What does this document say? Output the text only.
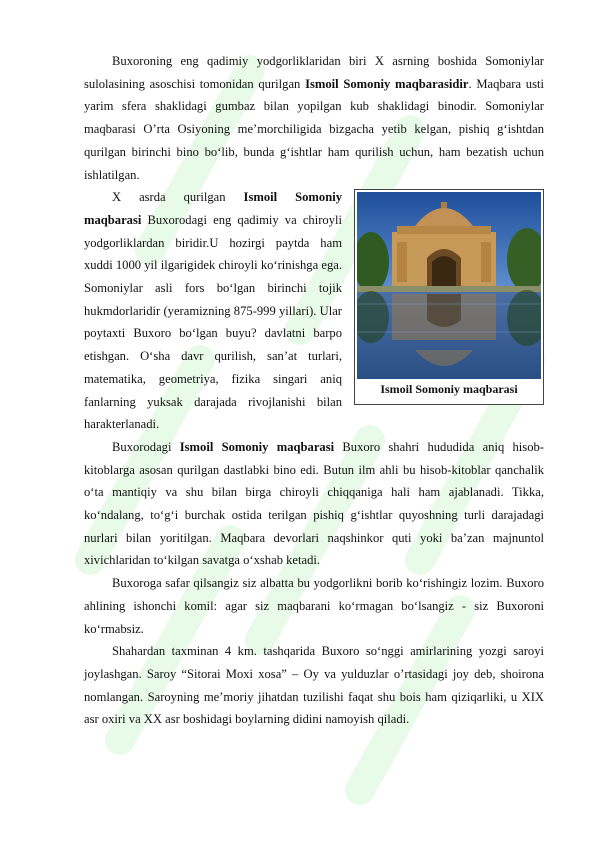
Buxoroning eng qadimiy yodgorliklaridan biri X asrning boshida Somoniylar sulolasining asoschisi tomonidan qurilgan Ismoil Somoniy maqbarasidir. Maqbara usti yarim sfera shaklidagi gumbaz bilan yopilgan kub shaklidagi binodir. Somoniylar maqbarasi O’rta Osiyoning me’morchiligida bizgacha yetib kelgan, pishiq g‘ishtdan qurilgan birinchi bino bo‘lib, bunda g‘ishtlar ham qurilish uchun, ham bezatish uchun ishlatilgan.

Ismoil Somoniy maqbarasi

X asrda qurilgan Ismoil Somoniy maqbarasi Buxorodagi eng qadimiy va chiroyli yodgorliklardan biridir.U hozirgi paytda ham xuddi 1000 yil ilgarigidek chiroyli ko‘rinishga ega. Somoniylar asli fors bo‘lgan birinchi tojik hukmdorlaridir (yeramizning 875-999 yillari). Ular poytaxti Buxoro bo‘lgan buyu? davlatni barpo etishgan. O‘sha davr qurilish, san’at turlari, matematika, geometriya, fizika singari aniq fanlarning yuksak darajada rivojlanishi bilan harakterlanadi.

Buxorodagi Ismoil Somoniy maqbarasi Buxoro shahri hududida aniq hisob-kitoblarga asosan qurilgan dastlabki bino edi. Butun ilm ahli bu hisob-kitoblar qanchalik o‘ta mantiqiy va shu bilan birga chiroyli chiqqaniga hali ham ajablanadi. Tikka, ko‘ndalang, to‘g‘i burchak ostida terilgan pishiq g‘ishtlar quyoshning turli darajadagi nurlari bilan yoritilgan. Maqbara devorlari naqshinkor quti yoki ba’zan majnuntol xivichlaridan to‘kilgan savatga o‘xshab ketadi.

Buxoroga safar qilsangiz siz albatta bu yodgorlikni borib ko‘rishingiz lozim. Buxoro ahlining ishonchi komil: agar siz maqbarani ko‘rmagan bo‘lsangiz - siz Buxoroni ko‘rmabsiz.

Shahardan taxminan 4 km. tashqarida Buxoro so‘nggi amirlarining yozgi saroyi joylashgan. Saroy “Sitorai Moxi xosa” – Oy va yulduzlar o’rtasidagi joy deb, shoirona nomlangan. Saroyning me’moriy jihatdan tuzilishi faqat shu bois ham qiziqarliki, u XIX asr oxiri va XX asr boshidagi boylarning didini namoyish qiladi.
